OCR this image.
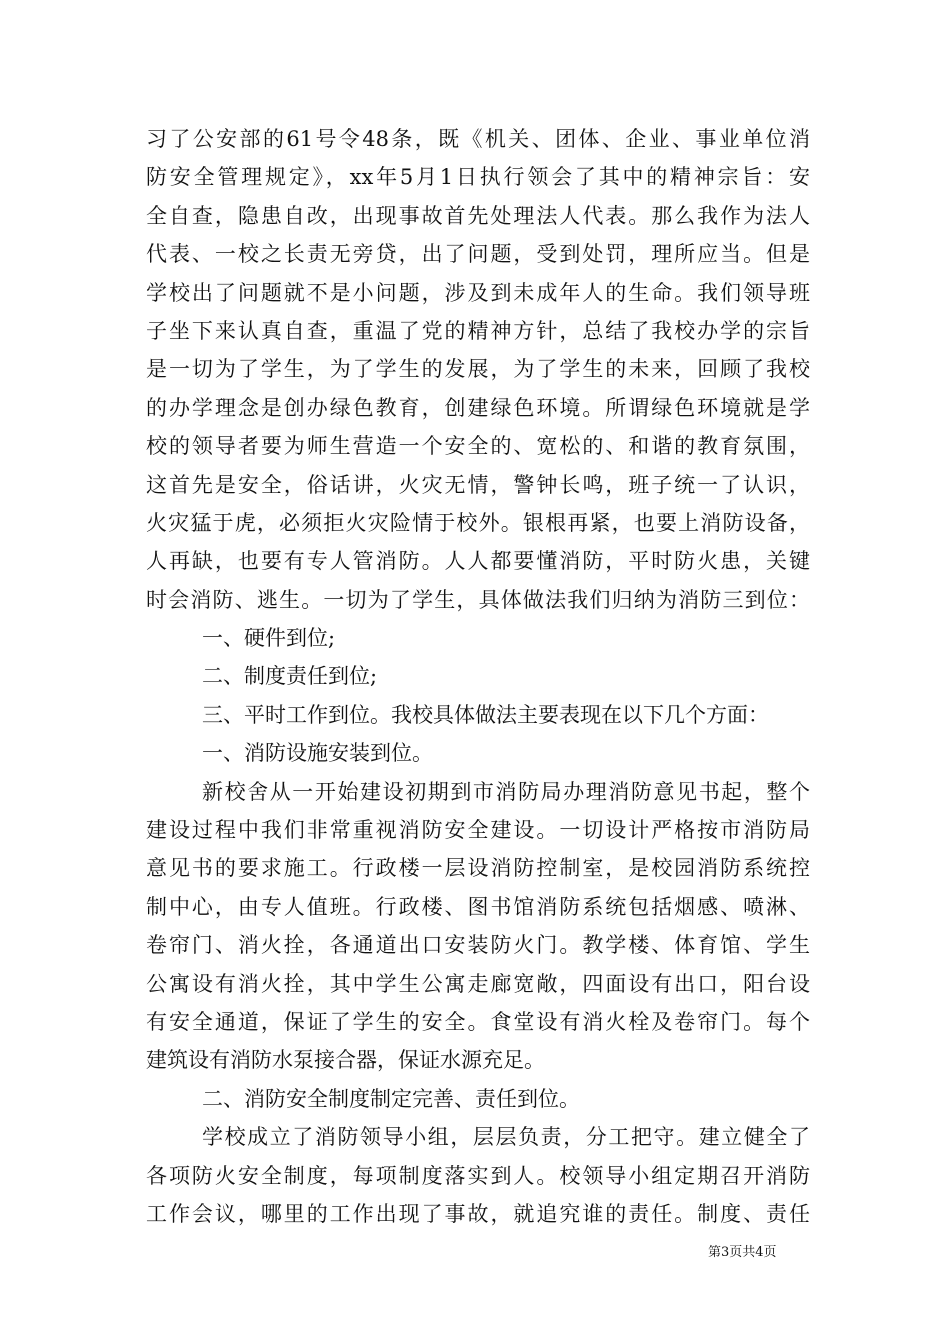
习了公安部的61号令48条，既《机关、团体、企业、事业单位消
防安全管理规定》，xx年5月1日执行领会了其中的精神宗旨：安
全自查，隐患自改，出现事故首先处理法人代表。那么我作为法人
代表、一校之长责无旁贷，出了问题，受到处罚，理所应当。但是
学校出了问题就不是小问题，涉及到未成年人的生命。我们领导班
子坐下来认真自查，重温了党的精神方针，总结了我校办学的宗旨
是一切为了学生，为了学生的发展，为了学生的未来，回顾了我校
的办学理念是创办绿色教育，创建绿色环境。所谓绿色环境就是学
校的领导者要为师生营造一个安全的、宽松的、和谐的教育氛围，
这首先是安全，俗话讲，火灾无情，警钟长鸣，班子统一了认识，
火灾猛于虎，必须拒火灾险情于校外。银根再紧，也要上消防设备，
人再缺，也要有专人管消防。人人都要懂消防，平时防火患，关键
时会消防、逃生。一切为了学生，具体做法我们归纳为消防三到位：
一、硬件到位;
二、制度责任到位;
三、平时工作到位。我校具体做法主要表现在以下几个方面：
一、消防设施安装到位。
新校舍从一开始建设初期到市消防局办理消防意见书起，整个
建设过程中我们非常重视消防安全建设。一切设计严格按市消防局
意见书的要求施工。行政楼一层设消防控制室，是校园消防系统控
制中心，由专人值班。行政楼、图书馆消防系统包括烟感、喷淋、
卷帘门、消火拴，各通道出口安装防火门。教学楼、体育馆、学生
公寓设有消火拴，其中学生公寓走廊宽敞，四面设有出口，阳台设
有安全通道，保证了学生的安全。食堂设有消火栓及卷帘门。每个
建筑设有消防水泵接合器，保证水源充足。
二、消防安全制度制定完善、责任到位。
学校成立了消防领导小组，层层负责，分工把守。建立健全了
各项防火安全制度，每项制度落实到人。校领导小组定期召开消防
工作会议，哪里的工作出现了事故，就追究谁的责任。制度、责任
第3页共4页
